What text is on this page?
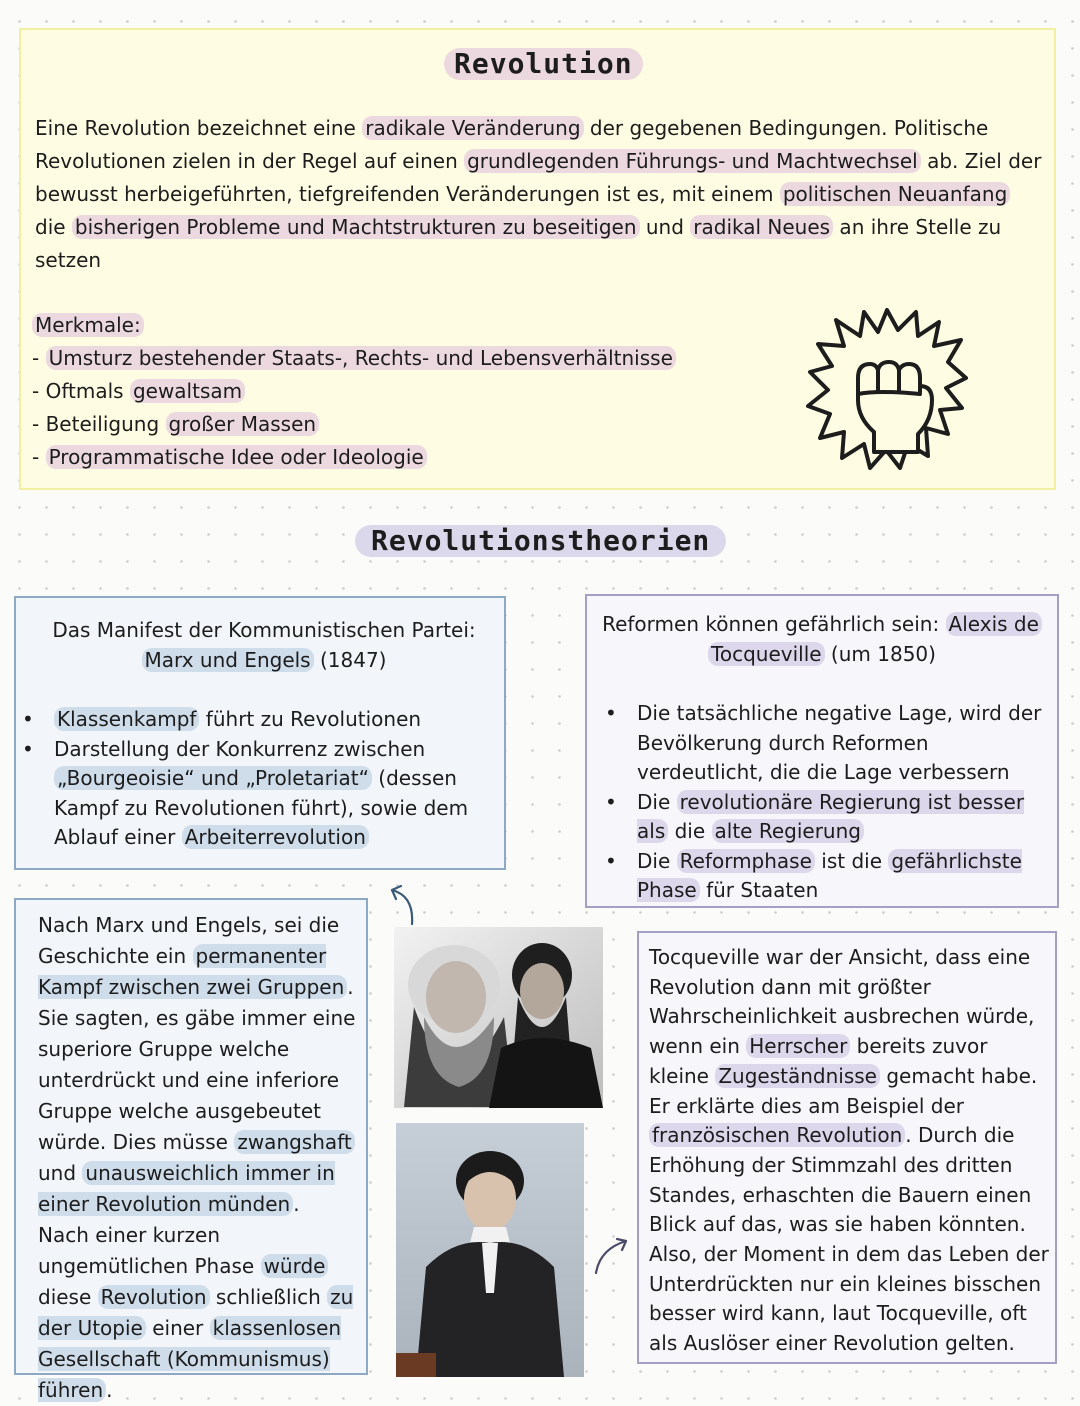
Revolution
Eine Revolution bezeichnet eine radikale Veränderung der gegebenen Bedingungen. Politische Revolutionen zielen in der Regel auf einen grundlegenden Führungs- und Machtwechsel ab. Ziel der bewusst herbeigeführten, tiefgreifenden Veränderungen ist es, mit einem politischen Neuanfang die bisherigen Probleme und Machtstrukturen zu beseitigen und radikal Neues an ihre Stelle zu setzen
Merkmale:
- Umsturz bestehender Staats-, Rechts- und Lebensverhältnisse
- Oftmals gewaltsam
- Beteiligung großer Massen
- Programmatische Idee oder Ideologie
Revolutionstheorien
Das Manifest der Kommunistischen Partei:
Marx und Engels (1847)
• Klassenkampf führt zu Revolutionen
• Darstellung der Konkurrenz zwischen „Bourgeoisie“ und „Proletariat“ (dessen Kampf zu Revolutionen führt), sowie dem Ablauf einer Arbeiterrevolution
Reformen können gefährlich sein: Alexis de
Tocqueville (um 1850)
• Die tatsächliche negative Lage, wird der Bevölkerung durch Reformen verdeutlicht, die die Lage verbessern
• Die revolutionäre Regierung ist besser als die alte Regierung
• Die Reformphase ist die gefährlichste Phase für Staaten
Nach Marx und Engels, sei die Geschichte ein permanenter Kampf zwischen zwei Gruppen . Sie sagten, es gäbe immer eine superiore Gruppe welche unterdrückt und eine inferiore Gruppe welche ausgebeutet würde. Dies müsse zwangshaft und unausweichlich immer in einer Revolution münden . Nach einer kurzen ungemütlichen Phase würde diese Revolution schließlich zu der Utopie einer klassenlosen Gesellschaft (Kommunismus) führen .
Tocqueville war der Ansicht, dass eine Revolution dann mit größter Wahrscheinlichkeit ausbrechen würde, wenn ein Herrscher bereits zuvor kleine Zugeständnisse gemacht habe. Er erklärte dies am Beispiel der französischen Revolution . Durch die Erhöhung der Stimmzahl des dritten Standes, erhaschten die Bauern einen Blick auf das, was sie haben könnten. Also, der Moment in dem das Leben der Unterdrückten nur ein kleines bisschen besser wird kann, laut Tocqueville, oft als Auslöser einer Revolution gelten.
